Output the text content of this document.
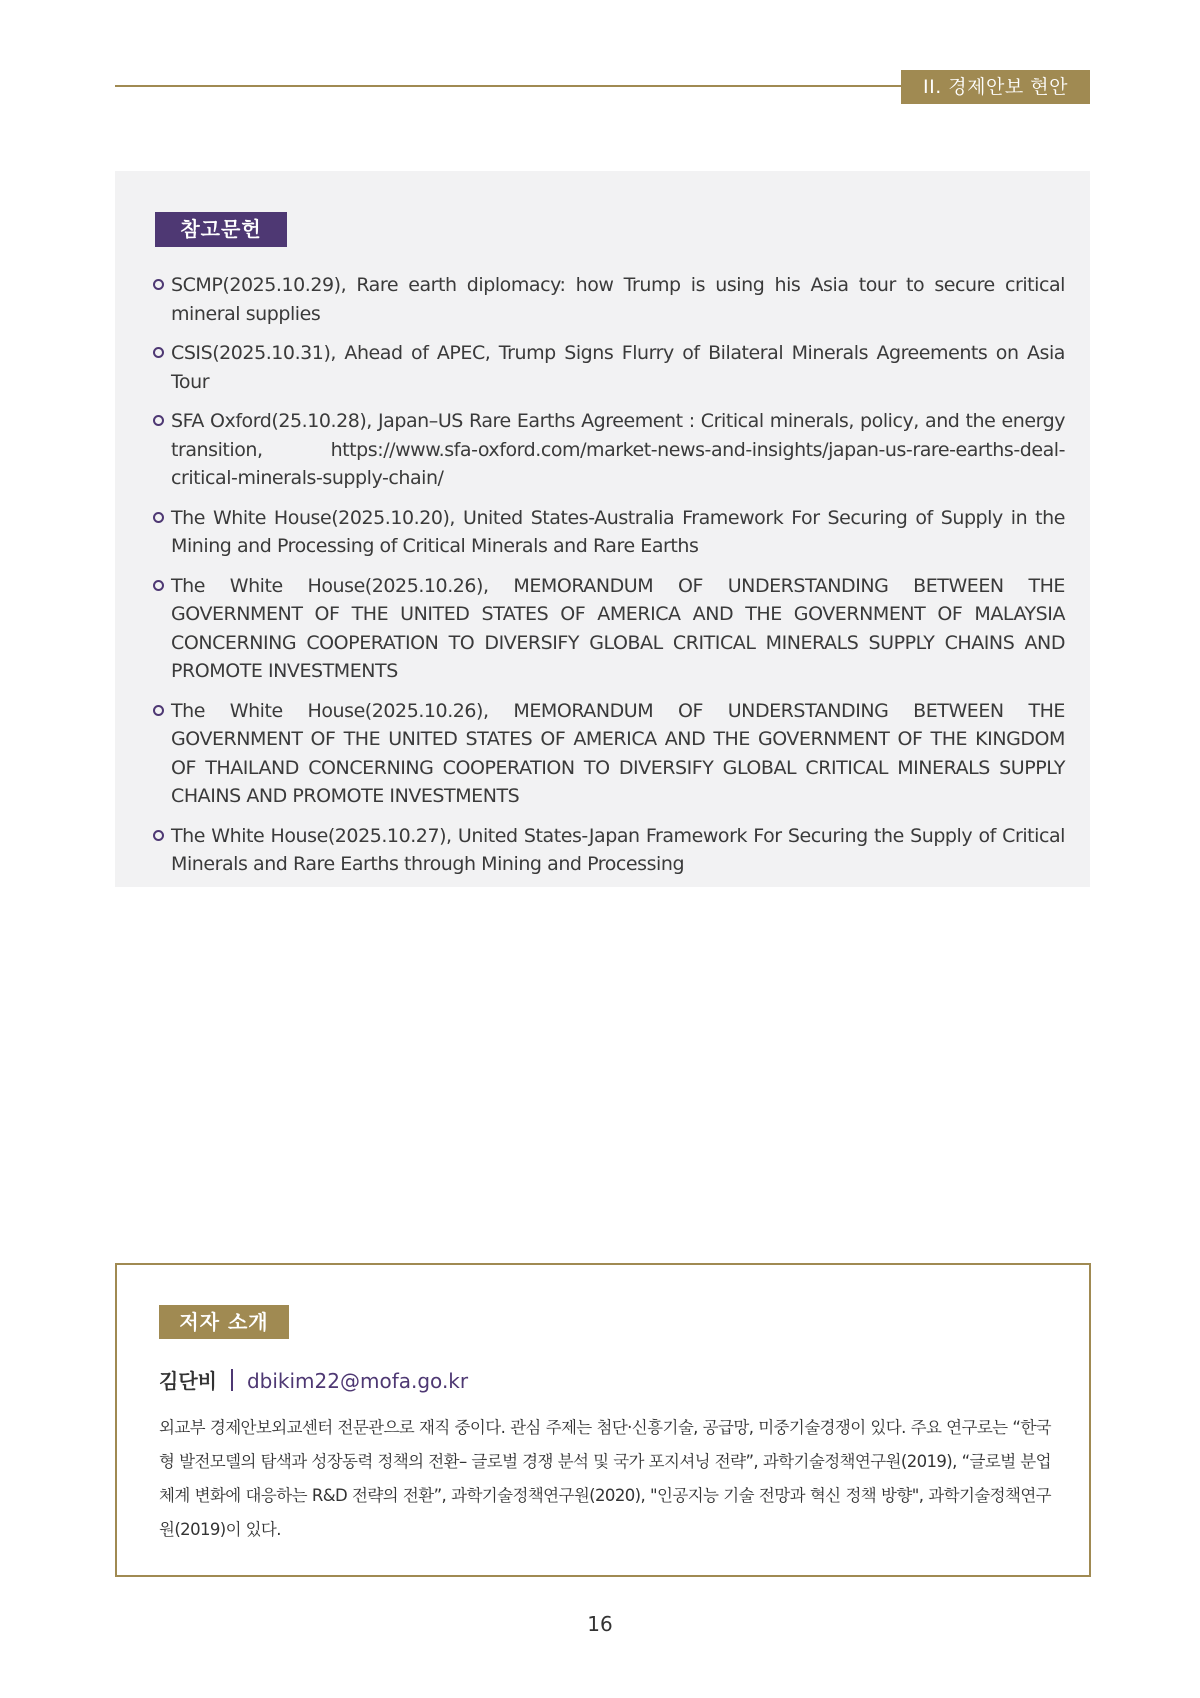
II. 경제안보 현안
참고문헌
SCMP(2025.10.29), Rare earth diplomacy: how Trump is using his Asia tour to secure critical mineral supplies
CSIS(2025.10.31), Ahead of APEC, Trump Signs Flurry of Bilateral Minerals Agreements on Asia Tour
SFA Oxford(25.10.28), Japan–US Rare Earths Agreement : Critical minerals, policy, and the energy transition, https://www.sfa-oxford.com/market-news-and-insights/japan-us-rare-earths-deal-critical-minerals-supply-chain/
The White House(2025.10.20), United States-Australia Framework For Securing of Supply in the Mining and Processing of Critical Minerals and Rare Earths
The White House(2025.10.26), MEMORANDUM OF UNDERSTANDING BETWEEN THE GOVERNMENT OF THE UNITED STATES OF AMERICA AND THE GOVERNMENT OF MALAYSIA CONCERNING COOPERATION TO DIVERSIFY GLOBAL CRITICAL MINERALS SUPPLY CHAINS AND PROMOTE INVESTMENTS
The White House(2025.10.26), MEMORANDUM OF UNDERSTANDING BETWEEN THE GOVERNMENT OF THE UNITED STATES OF AMERICA AND THE GOVERNMENT OF THE KINGDOM OF THAILAND CONCERNING COOPERATION TO DIVERSIFY GLOBAL CRITICAL MINERALS SUPPLY CHAINS AND PROMOTE INVESTMENTS
The White House(2025.10.27), United States-Japan Framework For Securing the Supply of Critical Minerals and Rare Earths through Mining and Processing
저자 소개
김단비 dbikim22@mofa.go.kr

외교부 경제안보외교센터 전문관으로 재직 중이다. 관심 주제는 첨단·신흥기술, 공급망, 미중기술경쟁이 있다. 주요 연구로는 “한국형 발전모델의 탐색과 성장동력 정책의 전환– 글로벌 경쟁 분석 및 국가 포지셔닝 전략”, 과학기술정책연구원(2019), “글로벌 분업체계 변화에 대응하는 R&D 전략의 전환”, 과학기술정책연구원(2020), "인공지능 기술 전망과 혁신 정책 방향", 과학기술정책연구원(2019)이 있다.

16
